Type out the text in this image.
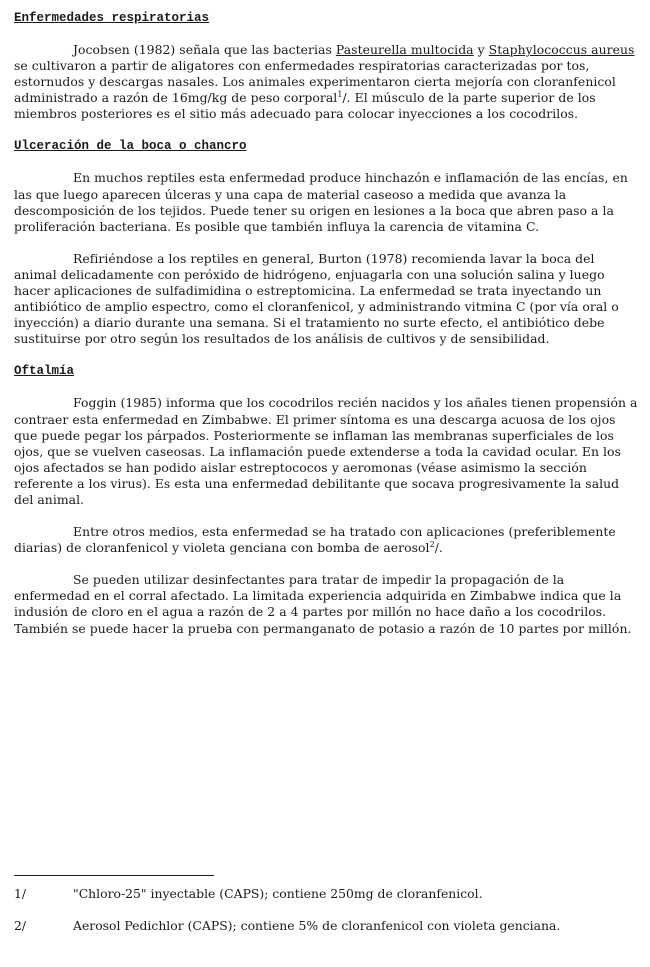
Enfermedades respiratorias

Jocobsen (1982) señala que las bacterias Pasteurella multocida y Staphylococcus aureus se cultivaron a partir de aligatores con enfermedades respiratorias caracterizadas por tos, estornudos y descargas nasales. Los animales experimentaron cierta mejoría con cloranfenicol administrado a razón de 16mg/kg de peso corporal$^1$/. El músculo de la parte superior de los miembros posteriores es el sitio más adecuado para colocar inyecciones a los cocodrilos.

Ulceración de la boca o chancro

En muchos reptiles esta enfermedad produce hinchazón e inflamación de las encías, en las que luego aparecen úlceras y una capa de material caseoso a medida que avanza la descomposición de los tejidos. Puede tener su origen en lesiones a la boca que abren paso a la proliferación bacteriana. Es posible que también influya la carencia de vitamina C.

Refiriéndose a los reptiles en general, Burton (1978) recomienda lavar la boca del animal delicadamente con peróxido de hidrógeno, enjuagarla con una solución salina y luego hacer aplicaciones de sulfadimidina o estreptomicina. La enfermedad se trata inyectando un antibiótico de amplio espectro, como el cloranfenicol, y administrando vitmina C (por vía oral o inyección) a diario durante una semana. Si el tratamiento no surte efecto, el antibiótico debe sustituirse por otro según los resultados de los análisis de cultivos y de sensibilidad.

Oftalmía

Foggin (1985) informa que los cocodrilos recién nacidos y los añales tienen propensión a contraer esta enfermedad en Zimbabwe. El primer síntoma es una descarga acuosa de los ojos que puede pegar los párpados. Posteriormente se inflaman las membranas superficiales de los ojos, que se vuelven caseosas. La inflamación puede extenderse a toda la cavidad ocular. En los ojos afectados se han podido aislar estreptococos y aeromonas (véase asimismo la sección referente a los virus). Es esta una enfermedad debilitante que socava progresivamente la salud del animal.

Entre otros medios, esta enfermedad se ha tratado con aplicaciones (preferiblemente diarias) de cloranfenicol y violeta genciana con bomba de aerosol$^2$/.

Se pueden utilizar desinfectantes para tratar de impedir la propagación de la enfermedad en el corral afectado. La limitada experiencia adquirida en Zimbabwe indica que la indusión de cloro en el agua a razón de 2 a 4 partes por millón no hace daño a los cocodrilos. También se puede hacer la prueba con permanganato de potasio a razón de 10 partes por millón.

1/	"Chloro-25" inyectable (CAPS); contiene 250mg de cloranfenicol.
2/	Aerosol Pedichlor (CAPS); contiene 5% de cloranfenicol con violeta genciana.
